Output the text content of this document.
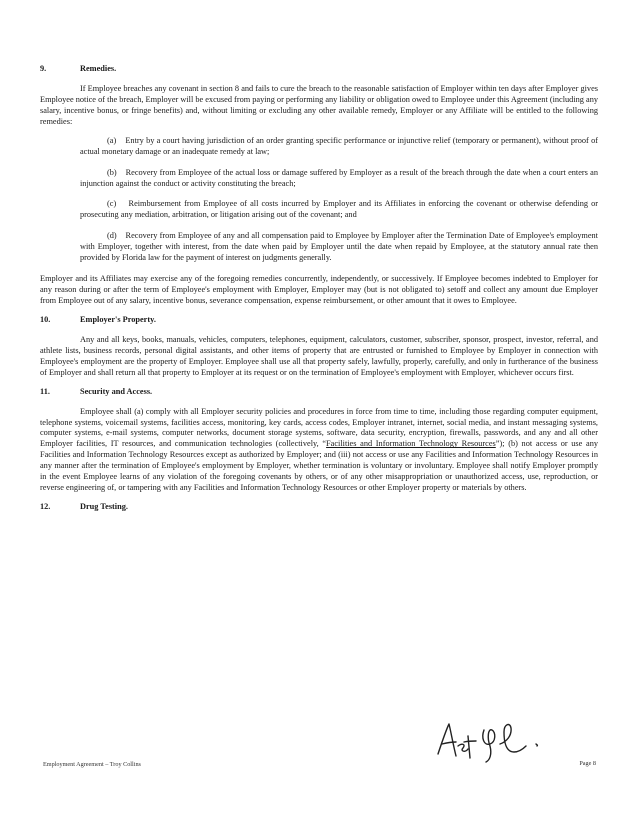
9.	Remedies.

If Employee breaches any covenant in section 8 and fails to cure the breach to the reasonable satisfaction of Employer within ten days after Employer gives Employee notice of the breach, Employer will be excused from paying or performing any liability or obligation owed to Employee under this Agreement (including any salary, incentive bonus, or fringe benefits) and, without limiting or excluding any other available remedy, Employer or any Affiliate will be entitled to the following remedies:

(a)    Entry by a court having jurisdiction of an order granting specific performance or injunctive relief (temporary or permanent), without proof of actual monetary damage or an inadequate remedy at law;
(b)    Recovery from Employee of the actual loss or damage suffered by Employer as a result of the breach through the date when a court enters an injunction against the conduct or activity constituting the breach;
(c)    Reimbursement from Employee of all costs incurred by Employer and its Affiliates in enforcing the covenant or otherwise defending or prosecuting any mediation, arbitration, or litigation arising out of the covenant; and
(d)    Recovery from Employee of any and all compensation paid to Employee by Employer after the Termination Date of Employee's employment with Employer, together with interest, from the date when paid by Employer until the date when repaid by Employee, at the statutory annual rate then provided by Florida law for the payment of interest on judgments generally.

Employer and its Affiliates may exercise any of the foregoing remedies concurrently, independently, or successively. If Employee becomes indebted to Employer for any reason during or after the term of Employee's employment with Employer, Employer may (but is not obligated to) setoff and collect any amount due Employer from Employee out of any salary, incentive bonus, severance compensation, expense reimbursement, or other amount that it owes to Employee.

10.	Employer's Property.

Any and all keys, books, manuals, vehicles, computers, telephones, equipment, calculators, customer, subscriber, sponsor, prospect, investor, referral, and athlete lists, business records, personal digital assistants, and other items of property that are entrusted or furnished to Employee by Employer in connection with Employee's employment are the property of Employer. Employee shall use all that property safely, lawfully, properly, carefully, and only in furtherance of the business of Employer and shall return all that property to Employer at its request or on the termination of Employee's employment with Employer, whichever occurs first.

11.	Security and Access.

Employee shall (a) comply with all Employer security policies and procedures in force from time to time, including those regarding computer equipment, telephone systems, voicemail systems, facilities access, monitoring, key cards, access codes, Employer intranet, internet, social media, and instant messaging systems, computer systems, e-mail systems, computer networks, document storage systems, software, data security, encryption, firewalls, passwords, and any and all other Employer facilities, IT resources, and communication technologies (collectively, “Facilities and Information Technology Resources”); (b) not access or use any Facilities and Information Technology Resources except as authorized by Employer; and (iii) not access or use any Facilities and Information Technology Resources in any manner after the termination of Employee's employment by Employer, whether termination is voluntary or involuntary. Employee shall notify Employer promptly in the event Employee learns of any violation of the foregoing covenants by others, or of any other misappropriation or unauthorized access, use, reproduction, or reverse engineering of, or tampering with any Facilities and Information Technology Resources or other Employer property or materials by others.

12.	Drug Testing.
Employment Agreement – Troy Collins	Page 8
